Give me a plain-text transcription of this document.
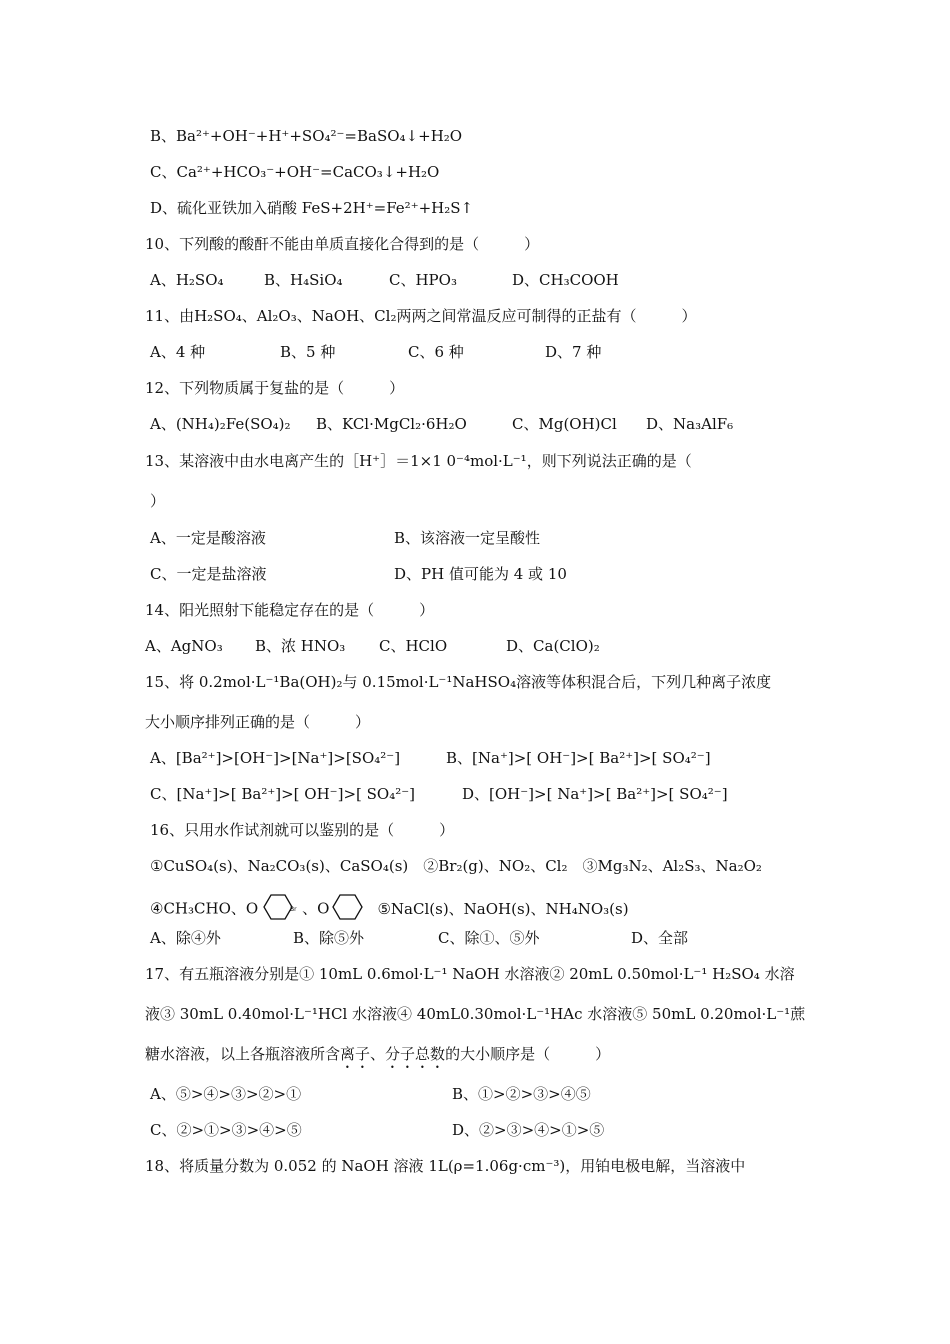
B、Ba²⁺+OH⁻+H⁺+SO₄²⁻=BaSO₄↓+H₂O
C、Ca²⁺+HCO₃⁻+OH⁻=CaCO₃↓+H₂O
D、硫化亚铁加入硝酸 FeS+2H⁺=Fe²⁺+H₂S↑
10、下列酸的酸酐不能由单质直接化合得到的是（　　　）
A、H₂SO₄	B、H₄SiO₄	C、HPO₃	D、CH₃COOH
11、由H₂SO₄、Al₂O₃、NaOH、Cl₂两两之间常温反应可制得的正盐有（　　　）
A、4 种	B、5 种	C、6 种	D、7 种
12、下列物质属于复盐的是（　　　）
A、(NH₄)₂Fe(SO₄)₂ B、KCl·MgCl₂·6H₂O	C、Mg(OH)Cl D、Na₃AlF₆
13、某溶液中由水电离产生的［H⁺］＝1×1 0⁻⁴mol·L⁻¹，则下列说法正确的是（
）
A、一定是酸溶液	B、该溶液一定呈酸性
C、一定是盐溶液	D、PH 值可能为 4 或 10
14、阳光照射下能稳定存在的是（　　　）
A、AgNO₃ B、浓 HNO₃ C、HClO	D、Ca(ClO)₂
15、将 0.2mol·L⁻¹Ba(OH)₂与 0.15mol·L⁻¹NaHSO₄溶液等体积混合后，下列几种离子浓度
大小顺序排列正确的是（　　　）
A、[Ba²⁺]>[OH⁻]>[Na⁺]>[SO₄²⁻]	B、[Na⁺]>[ OH⁻]>[ Ba²⁺]>[ SO₄²⁻]
C、[Na⁺]>[ Ba²⁺]>[ OH⁻]>[ SO₄²⁻]	D、[OH⁻]>[ Na⁺]>[ Ba²⁺]>[ SO₄²⁻]
16、只用水作试剂就可以鉴别的是（　　　）
①CuSO₄(s)、Na₂CO₃(s)、CaSO₄(s)　②Br₂(g)、NO₂、Cl₂　③Mg₃N₂、Al₂S₃、Na₂O₂
④CH₃CHO、O	Br 、O	⑤NaCl(s)、NaOH(s)、NH₄NO₃(s)
A、除④外	B、除⑤外	C、除①、⑤外	D、全部
17、有五瓶溶液分别是① 10mL 0.6mol·L⁻¹ NaOH 水溶液② 20mL 0.50mol·L⁻¹ H₂SO₄ 水溶
液③ 30mL 0.40mol·L⁻¹HCl 水溶液④ 40mL0.30mol·L⁻¹HAc 水溶液⑤ 50mL 0.20mol·L⁻¹蔗
糖水溶液，以上各瓶溶液所含离子、分子总数的大小顺序是（　　　）
A、⑤>④>③>②>①	B、①>②>③>④⑤
C、②>①>③>④>⑤	D、②>③>④>①>⑤
18、将质量分数为 0.052 的 NaOH 溶液 1L(ρ=1.06g·cm⁻³)，用铂电极电解，当溶液中
